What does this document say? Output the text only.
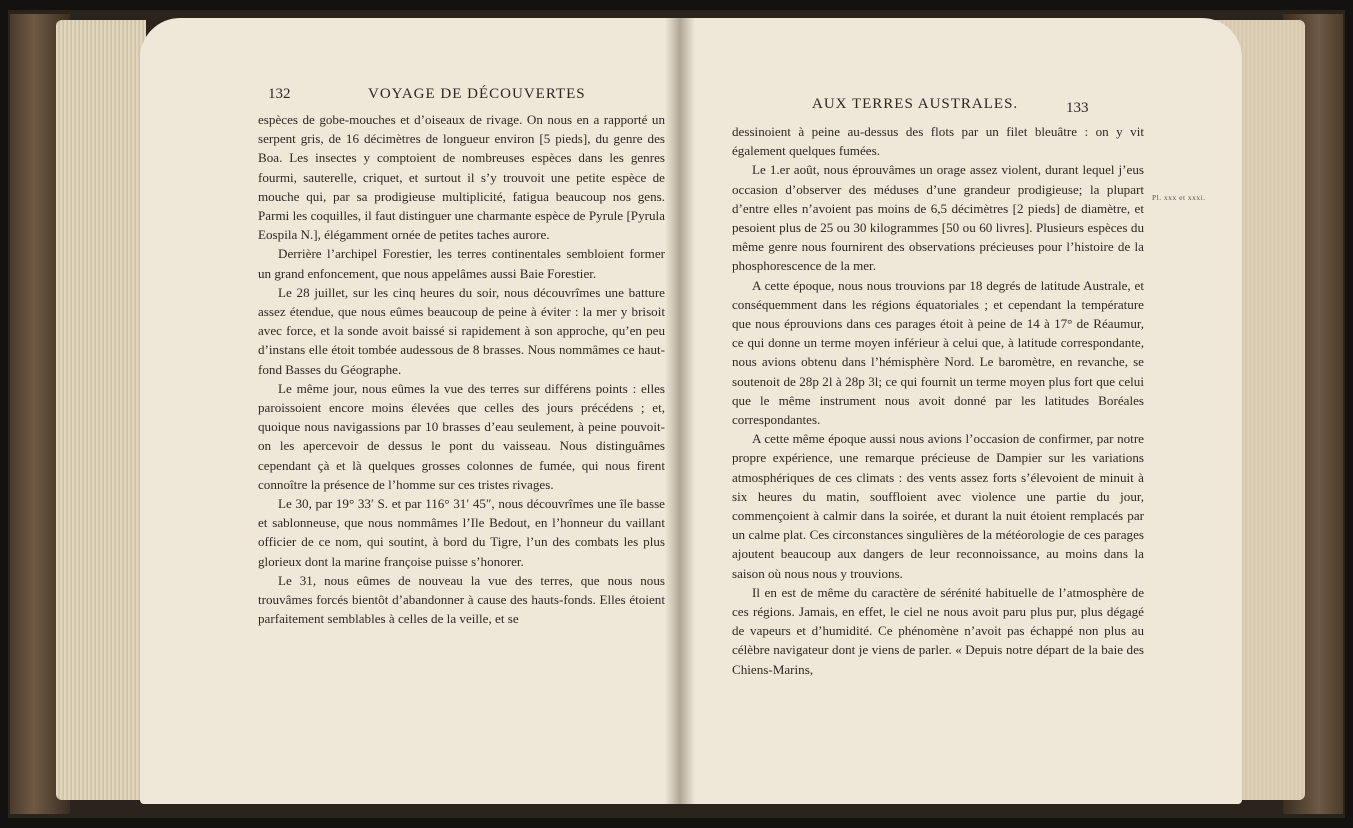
132	VOYAGE DE DÉCOUVERTES

espèces de gobe-mouches et d’oiseaux de rivage. On nous en a rapporté un serpent gris, de 16 décimètres de longueur environ [5 pieds], du genre des Boa. Les insectes y comptoient de nombreuses espèces dans les genres fourmi, sauterelle, criquet, et surtout il s’y trouvoit une petite espèce de mouche qui, par sa prodigieuse multiplicité, fatigua beaucoup nos gens. Parmi les coquilles, il faut distinguer une charmante espèce de Pyrule [Pyrula Eospila N.], élégamment ornée de petites taches aurore.

Derrière l’archipel Forestier, les terres continentales sembloient former un grand enfoncement, que nous appelâmes aussi Baie Forestier.

Le 28 juillet, sur les cinq heures du soir, nous découvrîmes une batture assez étendue, que nous eûmes beaucoup de peine à éviter : la mer y brisoit avec force, et la sonde avoit baissé si rapidement à son approche, qu’en peu d’instans elle étoit tombée audessous de 8 brasses. Nous nommâmes ce haut-fond Basses du Géographe.

Le même jour, nous eûmes la vue des terres sur différens points : elles paroissoient encore moins élevées que celles des jours précédens ; et, quoique nous navigassions par 10 brasses d’eau seulement, à peine pouvoit-on les apercevoir de dessus le pont du vaisseau. Nous distinguâmes cependant çà et là quelques grosses colonnes de fumée, qui nous firent connoître la présence de l’homme sur ces tristes rivages.

Le 30, par 19° 33′ S. et par 116° 31′ 45″, nous découvrîmes une île basse et sablonneuse, que nous nommâmes l’Ile Bedout, en l’honneur du vaillant officier de ce nom, qui soutint, à bord du Tigre, l’un des combats les plus glorieux dont la marine françoise puisse s’honorer.

Le 31, nous eûmes de nouveau la vue des terres, que nous nous trouvâmes forcés bientôt d’abandonner à cause des hauts-fonds. Elles étoient parfaitement semblables à celles de la veille, et se

AUX TERRES AUSTRALES.	133

dessinoient à peine au-dessus des flots par un filet bleuâtre : on y vit également quelques fumées.

Le 1.er août, nous éprouvâmes un orage assez violent, durant lequel j’eus occasion d’observer des méduses d’une grandeur prodigieuse; la plupart d’entre elles n’avoient pas moins de 6,5 décimètres [2 pieds] de diamètre, et pesoient plus de 25 ou 30 kilogrammes [50 ou 60 livres]. Plusieurs espèces du même genre nous fournirent des observations précieuses pour l’histoire de la phosphorescence de la mer.

A cette époque, nous nous trouvions par 18 degrés de latitude Australe, et conséquemment dans les régions équatoriales ; et cependant la température que nous éprouvions dans ces parages étoit à peine de 14 à 17° de Réaumur, ce qui donne un terme moyen inférieur à celui que, à latitude correspondante, nous avions obtenu dans l’hémisphère Nord. Le baromètre, en revanche, se soutenoit de 28p 2l à 28p 3l; ce qui fournit un terme moyen plus fort que celui que le même instrument nous avoit donné par les latitudes Boréales correspondantes.

A cette même époque aussi nous avions l’occasion de confirmer, par notre propre expérience, une remarque précieuse de Dampier sur les variations atmosphériques de ces climats : des vents assez forts s’élevoient de minuit à six heures du matin, souffloient avec violence une partie du jour, commençoient à calmir dans la soirée, et durant la nuit étoient remplacés par un calme plat. Ces circonstances singulières de la météorologie de ces parages ajoutent beaucoup aux dangers de leur reconnoissance, au moins dans la saison où nous nous y trouvions.

Il en est de même du caractère de sérénité habituelle de l’atmosphère de ces régions. Jamais, en effet, le ciel ne nous avoit paru plus pur, plus dégagé de vapeurs et d’humidité. Ce phénomène n’avoit pas échappé non plus au célèbre navigateur dont je viens de parler. « Depuis notre départ de la baie des Chiens-Marins,

Pl. xxx et xxxi.
